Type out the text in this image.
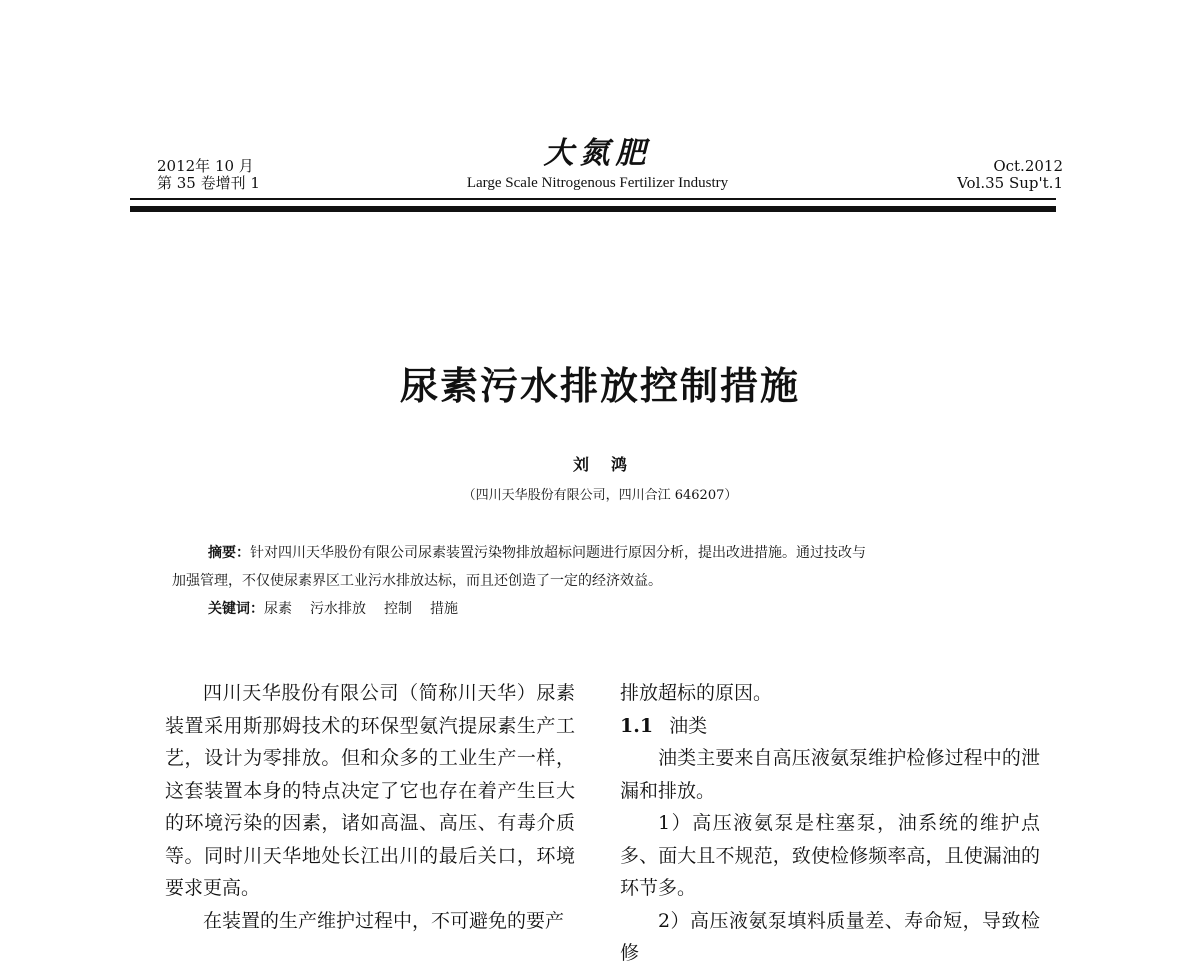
2012年 10 月
第 35 卷增刊 1
大氮肥
Large Scale Nitrogenous Fertilizer Industry
Oct.2012
Vol.35 Sup't.1
尿素污水排放控制措施
刘鸿
（四川天华股份有限公司，四川合江 646207）

摘要：针对四川天华股份有限公司尿素装置污染物排放超标问题进行原因分析，提出改进措施。通过技改与

加强管理，不仅使尿素界区工业污水排放达标，而且还创造了一定的经济效益。

关键词：尿素 污水排放 控制 措施

四川天华股份有限公司（简称川天华）尿素装置采用斯那姆技术的环保型氨汽提尿素生产工艺，设计为零排放。但和众多的工业生产一样，这套装置本身的特点决定了它也存在着产生巨大的环境污染的因素，诸如高温、高压、有毒介质等。同时川天华地处长江出川的最后关口，环境要求更高。

在装置的生产维护过程中，不可避免的要产

排放超标的原因。

1.1 油类

油类主要来自高压液氨泵维护检修过程中的泄漏和排放。

1）高压液氨泵是柱塞泵，油系统的维护点多、面大且不规范，致使检修频率高，且使漏油的环节多。

2）高压液氨泵填料质量差、寿命短，导致检修
